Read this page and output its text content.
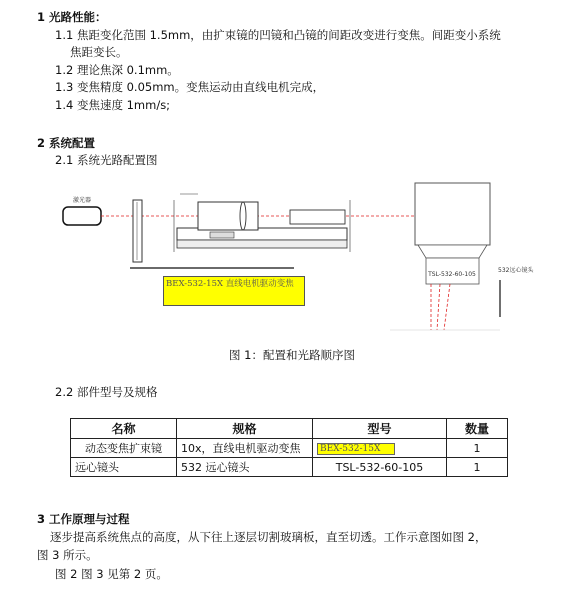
1 光路性能：
1.1 焦距变化范围 1.5mm，由扩束镜的凹镜和凸镜的间距改变进行变焦。间距变小系统
焦距变长。
1.2 理论焦深 0.1mm。
1.3 变焦精度 0.05mm。变焦运动由直线电机完成，
1.4 变焦速度 1mm/s;
2 系统配置
2.1 系统光路配置图
激光器
TSL-532-60-105
532远心镜头
BEX-532-15X 直线电机驱动变焦
图 1：配置和光路顺序图
2.2 部件型号及规格
名称	规格	型号	数量
动态变焦扩束镜	10x，直线电机驱动变焦	BEX-532-15X	1
远心镜头	532 远心镜头	TSL-532-60-105	1
3 工作原理与过程
逐步提高系统焦点的高度，从下往上逐层切割玻璃板，直至切透。工作示意图如图 2，
图 3 所示。
图 2 图 3 见第 2 页。
